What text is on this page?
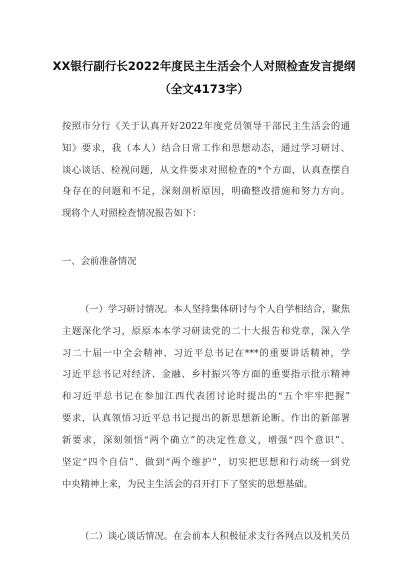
XX银行副行长2022年度民主生活会个人对照检查发言提纲
（全文4173字）

按照市分行《关于认真开好2022年度党员领导干部民主生活会的通

知》要求，我（本人）结合日常工作和思想动态，通过学习研讨、

谈心谈话、检视问题，从文件要求对照检查的*个方面，认真查摆自

身存在的问题和不足，深刻剖析原因，明确整改措施和努力方向。

现将个人对照检查情况报告如下：

一、会前准备情况

（一）学习研讨情况。本人坚持集体研讨与个人自学相结合，聚焦

主题深化学习，原原本本学习研读党的二十大报告和党章，深入学

习二十届一中全会精神、习近平总书记在***的重要讲话精神，学

习近平总书记对经济、金融、乡村振兴等方面的重要指示批示精神

和习近平总书记在参加江西代表团讨论时提出的“五个牢牢把握”

要求，认真领悟习近平总书记提出的新思想新论断、作出的新部署

新要求，深刻领悟“两个确立”的决定性意义，增强“四个意识”、

坚定“四个自信”、做到“两个维护”，切实把思想和行动统一到党

中央精神上来，为民主生活会的召开打下了坚实的思想基础。

（二）谈心谈话情况。在会前本人积极征求支行各网点以及机关员
